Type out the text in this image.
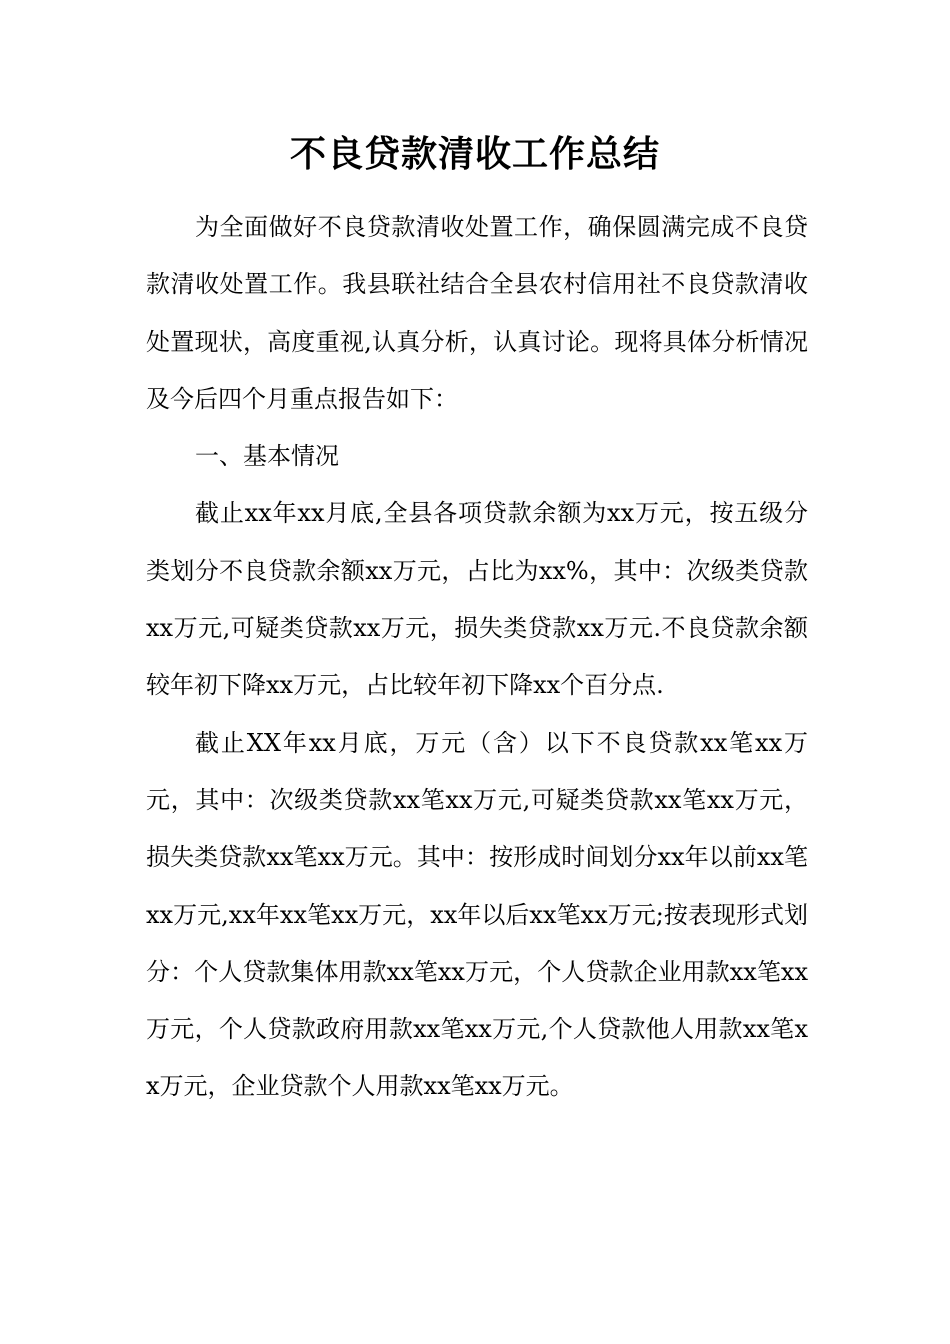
不良贷款清收工作总结

为全面做好不良贷款清收处置工作，确保圆满完成不良贷款清收处置工作。我县联社结合全县农村信用社不良贷款清收处置现状，高度重视,认真分析，认真讨论。现将具体分析情况及今后四个月重点报告如下：

一、基本情况

截止xx年xx月底,全县各项贷款余额为xx万元，按五级分类划分不良贷款余额xx万元，占比为xx%，其中：次级类贷款xx万元,可疑类贷款xx万元，损失类贷款xx万元.不良贷款余额较年初下降xx万元，占比较年初下降xx个百分点.

截止XX年xx月底，万元（含）以下不良贷款xx笔xx万元，其中：次级类贷款xx笔xx万元,可疑类贷款xx笔xx万元，损失类贷款xx笔xx万元。其中：按形成时间划分xx年以前xx笔xx万元,xx年xx笔xx万元，xx年以后xx笔xx万元;按表现形式划分：个人贷款集体用款xx笔xx万元，个人贷款企业用款xx笔xx万元，个人贷款政府用款xx笔xx万元,个人贷款他人用款xx笔xx万元，企业贷款个人用款xx笔xx万元。
